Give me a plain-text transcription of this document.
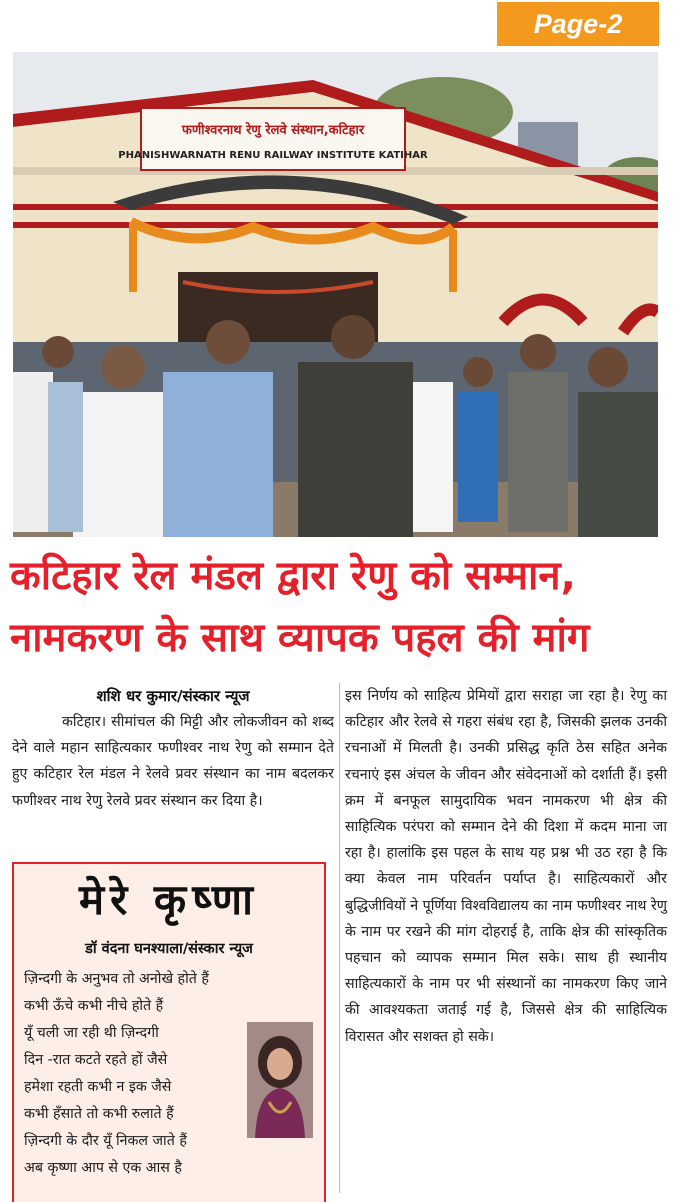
Page-2
फणीश्वरनाथ रेणु रेलवे संस्थान,कटिहार
PHANISHWARNATH RENU RAILWAY INSTITUTE KATIHAR
कटिहार रेल मंडल द्वारा रेणु को सम्मान,
नामकरण के साथ व्यापक पहल की मांग
शशि धर कुमार/संस्कार न्यूज
कटिहार। सीमांचल की मिट्टी और लोकजीवन को शब्द देने वाले महान साहित्यकार फणीश्वर नाथ रेणु को सम्मान देते हुए कटिहार रेल मंडल ने रेलवे प्रवर संस्थान का नाम बदलकर फणीश्वर नाथ रेणु रेलवे प्रवर संस्थान कर दिया है।
इस निर्णय को साहित्य प्रेमियों द्वारा सराहा जा रहा है। रेणु का कटिहार और रेलवे से गहरा संबंध रहा है, जिसकी झलक उनकी रचनाओं में मिलती है। उनकी प्रसिद्ध कृति ठेस सहित अनेक रचनाएं इस अंचल के जीवन और संवेदनाओं को दर्शाती हैं। इसी क्रम में बनफूल सामुदायिक भवन नामकरण भी क्षेत्र की साहित्यिक परंपरा को सम्मान देने की दिशा में कदम माना जा रहा है। हालांकि इस पहल के साथ यह प्रश्न भी उठ रहा है कि क्या केवल नाम परिवर्तन पर्याप्त है। साहित्यकारों और बुद्धिजीवियों ने पूर्णिया विश्वविद्यालय का नाम फणीश्वर नाथ रेणु के नाम पर रखने की मांग दोहराई है, ताकि क्षेत्र की सांस्कृतिक पहचान को व्यापक सम्मान मिल सके। साथ ही स्थानीय साहित्यकारों के नाम पर भी संस्थानों का नामकरण किए जाने की आवश्यकता जताई गई है, जिससे क्षेत्र की साहित्यिक विरासत और सशक्त हो सके।
मेरे कृष्णा
डॉ वंदना घनश्याला/संस्कार न्यूज
ज़िन्दगी के अनुभव तो अनोखे होते हैं
कभी ऊँचे कभी नीचे होते हैं
यूँ चली जा रही थी ज़िन्दगी
दिन -रात कटते रहते हों जैसे
हमेशा रहती कभी न इक जैसे
कभी हँसाते तो कभी रुलाते हैं
ज़िन्दगी के दौर यूँ निकल जाते हैं
अब कृष्णा आप से एक आस है
